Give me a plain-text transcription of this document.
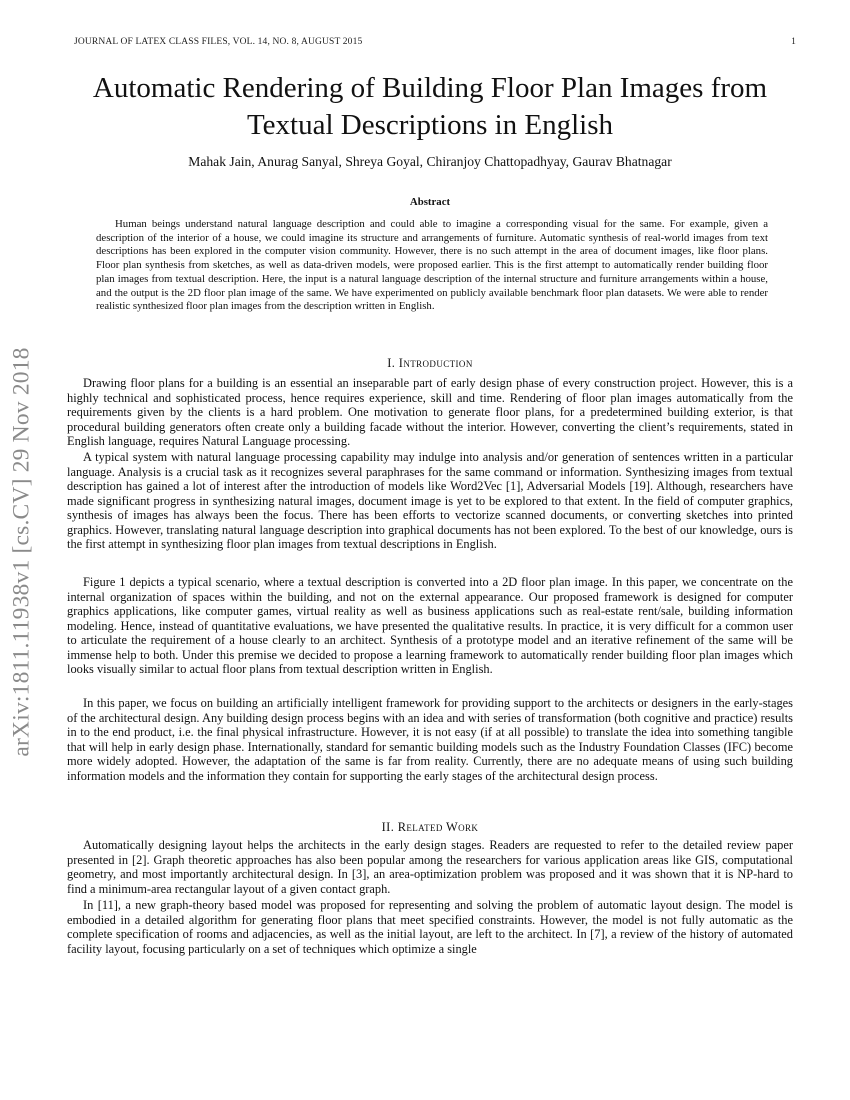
JOURNAL OF LATEX CLASS FILES, VOL. 14, NO. 8, AUGUST 2015	1
arXiv:1811.11938v1 [cs.CV] 29 Nov 2018
Automatic Rendering of Building Floor Plan Images from Textual Descriptions in English
Mahak Jain, Anurag Sanyal, Shreya Goyal, Chiranjoy Chattopadhyay, Gaurav Bhatnagar
Abstract

Human beings understand natural language description and could able to imagine a corresponding visual for the same. For example, given a description of the interior of a house, we could imagine its structure and arrangements of furniture. Automatic synthesis of real-world images from text descriptions has been explored in the computer vision community. However, there is no such attempt in the area of document images, like floor plans. Floor plan synthesis from sketches, as well as data-driven models, were proposed earlier. This is the first attempt to automatically render building floor plan images from textual description. Here, the input is a natural language description of the internal structure and furniture arrangements within a house, and the output is the 2D floor plan image of the same. We have experimented on publicly available benchmark floor plan datasets. We were able to render realistic synthesized floor plan images from the description written in English.

I. Introduction

Drawing floor plans for a building is an essential an inseparable part of early design phase of every construction project. However, this is a highly technical and sophisticated process, hence requires experience, skill and time. Rendering of floor plan images automatically from the requirements given by the clients is a hard problem. One motivation to generate floor plans, for a predetermined building exterior, is that procedural building generators often create only a building facade without the interior. However, converting the client’s requirements, stated in English language, requires Natural Language processing.

A typical system with natural language processing capability may indulge into analysis and/or generation of sentences written in a particular language. Analysis is a crucial task as it recognizes several paraphrases for the same command or information. Synthesizing images from textual description has gained a lot of interest after the introduction of models like Word2Vec [1], Adversarial Models [19]. Although, researchers have made significant progress in synthesizing natural images, document image is yet to be explored to that extent. In the field of computer graphics, synthesis of images has always been the focus. There has been efforts to vectorize scanned documents, or converting sketches into printed graphics. However, translating natural language description into graphical documents has not been explored. To the best of our knowledge, ours is the first attempt in synthesizing floor plan images from textual descriptions in English.

Figure 1 depicts a typical scenario, where a textual description is converted into a 2D floor plan image. In this paper, we concentrate on the internal organization of spaces within the building, and not on the external appearance. Our proposed framework is designed for computer graphics applications, like computer games, virtual reality as well as business applications such as real-estate rent/sale, building information modeling. Hence, instead of quantitative evaluations, we have presented the qualitative results. In practice, it is very difficult for a common user to articulate the requirement of a house clearly to an architect. Synthesis of a prototype model and an iterative refinement of the same will be immense help to both. Under this premise we decided to propose a learning framework to automatically render building floor plan images which looks visually similar to actual floor plans from textual description written in English.

In this paper, we focus on building an artificially intelligent framework for providing support to the architects or designers in the early-stages of the architectural design. Any building design process begins with an idea and with series of transformation (both cognitive and practice) results in to the end product, i.e. the final physical infrastructure. However, it is not easy (if at all possible) to translate the idea into something tangible that will help in early design phase. Internationally, standard for semantic building models such as the Industry Foundation Classes (IFC) become more widely adopted. However, the adaptation of the same is far from reality. Currently, there are no adequate means of using such building information models and the information they contain for supporting the early stages of the architectural design process.

II. Related Work

Automatically designing layout helps the architects in the early design stages. Readers are requested to refer to the detailed review paper presented in [2]. Graph theoretic approaches has also been popular among the researchers for various application areas like GIS, computational geometry, and most importantly architectural design. In [3], an area-optimization problem was proposed and it was shown that it is NP-hard to find a minimum-area rectangular layout of a given contact graph.

In [11], a new graph-theory based model was proposed for representing and solving the problem of automatic layout design. The model is embodied in a detailed algorithm for generating floor plans that meet specified constraints. However, the model is not fully automatic as the complete specification of rooms and adjacencies, as well as the initial layout, are left to the architect. In [7], a review of the history of automated facility layout, focusing particularly on a set of techniques which optimize a single
